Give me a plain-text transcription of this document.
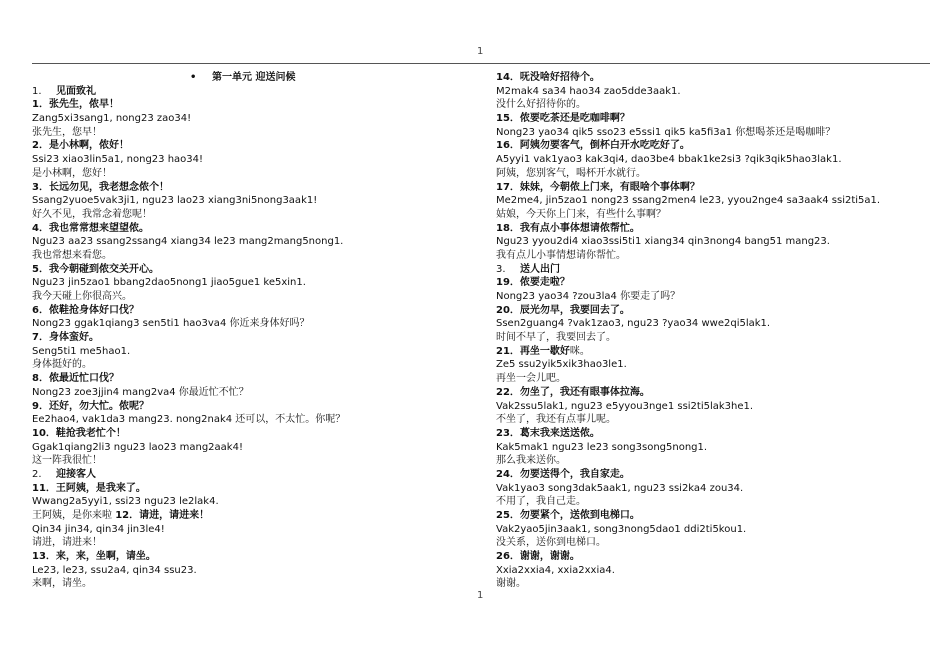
1
• 第一单元 迎送问候
1. 见面致礼
1．张先生，侬早！
Zang5xi3sang1, nong23 zao34!
张先生，您早！
2．是小林啊，侬好！
Ssi23 xiao3lin5a1, nong23 hao34!
是小林啊，您好！
3．长远勿见，我老想念侬个！
Ssang2yuoe5vak3ji1, ngu23 lao23 xiang3ni5nong3aak1!
好久不见，我常念着您呢！
4．我也常常想来望望侬。
Ngu23 aa23 ssang2ssang4 xiang34 le23 mang2mang5nong1.
我也常想来看您。
5．我今朝碰到侬交关开心。
Ngu23 jin5zao1 bbang2dao5nong1 jiao5gue1 ke5xin1.
我今天碰上你很高兴。
6．侬鞋抢身体好口伐？
Nong23 ggak1qiang3 sen5ti1 hao3va4 你近来身体好吗？
7．身体蛮好。
Seng5ti1 me5hao1.
身体挺好的。
8．侬最近忙口伐？
Nong23 zoe3jjin4 mang2va4 你最近忙不忙？
9．还好，勿大忙。侬呢？
Ee2hao4, vak1da3 mang23. nong2nak4 还可以，不太忙。你呢？
10．鞋抢我老忙个！
Ggak1qiang2li3 ngu23 lao23 mang2aak4!
这一阵我很忙！
2. 迎接客人
11．王阿姨，是我来了。
Wwang2a5yyi1, ssi23 ngu23 le2lak4.
王阿姨，是你来啦 12．请进，请进来！
Qin34 jin34, qin34 jin3le4!
请进，请进来！
13．来，来，坐啊，请坐。
Le23, le23, ssu2a4, qin34 ssu23.
来啊，请坐。
14．呒没啥好招待个。
M2mak4 sa34 hao34 zao5dde3aak1.
没什么好招待你的。
15．侬要吃茶还是吃咖啡啊？
Nong23 yao34 qik5 sso23 e5ssi1 qik5 ka5fi3a1 你想喝茶还是喝咖啡？
16．阿姨勿要客气，倒杯白开水吃吃好了。
A5yyi1 vak1yao3 kak3qi4, dao3be4 bbak1ke2si3 ?qik3qik5hao3lak1.
阿姨，您别客气，喝杯开水就行。
17．妹妹，今朝侬上门来，有眼啥个事体啊？
Me2me4, jin5zao1 nong23 ssang2men4 le23, yyou2nge4 sa3aak4 ssi2ti5a1.
姑娘，今天你上门来，有些什么事啊？
18．我有点小事体想请侬帮忙。
Ngu23 yyou2di4 xiao3ssi5ti1 xiang34 qin3nong4 bang51 mang23.
我有点儿小事情想请你帮忙。
3. 送人出门
19．侬要走啦？
Nong23 yao34 ?zou3la4 你要走了吗？
20．辰光勿早，我要回去了。
Ssen2guang4 ?vak1zao3, ngu23 ?yao34 wwe2qi5lak1.
时间不早了，我要回去了。
21．再坐一歇好咪。
Ze5 ssu2yik5xik3hao3le1.
再坐一会儿吧。
22．勿坐了，我还有眼事体拉海。
Vak2ssu5lak1, ngu23 e5yyou3nge1 ssi2ti5lak3he1.
不坐了，我还有点事儿呢。
23．葛末我来送送侬。
Kak5mak1 ngu23 le23 song3song5nong1.
那么我来送你。
24．勿要送得个，我自家走。
Vak1yao3 song3dak5aak1, ngu23 ssi2ka4 zou34.
不用了，我自己走。
25．勿要紧个，送侬到电梯口。
Vak2yao5jin3aak1, song3nong5dao1 ddi2ti5kou1.
没关系，送你到电梯口。
26．谢谢，谢谢。
Xxia2xxia4, xxia2xxia4.
谢谢。
1
